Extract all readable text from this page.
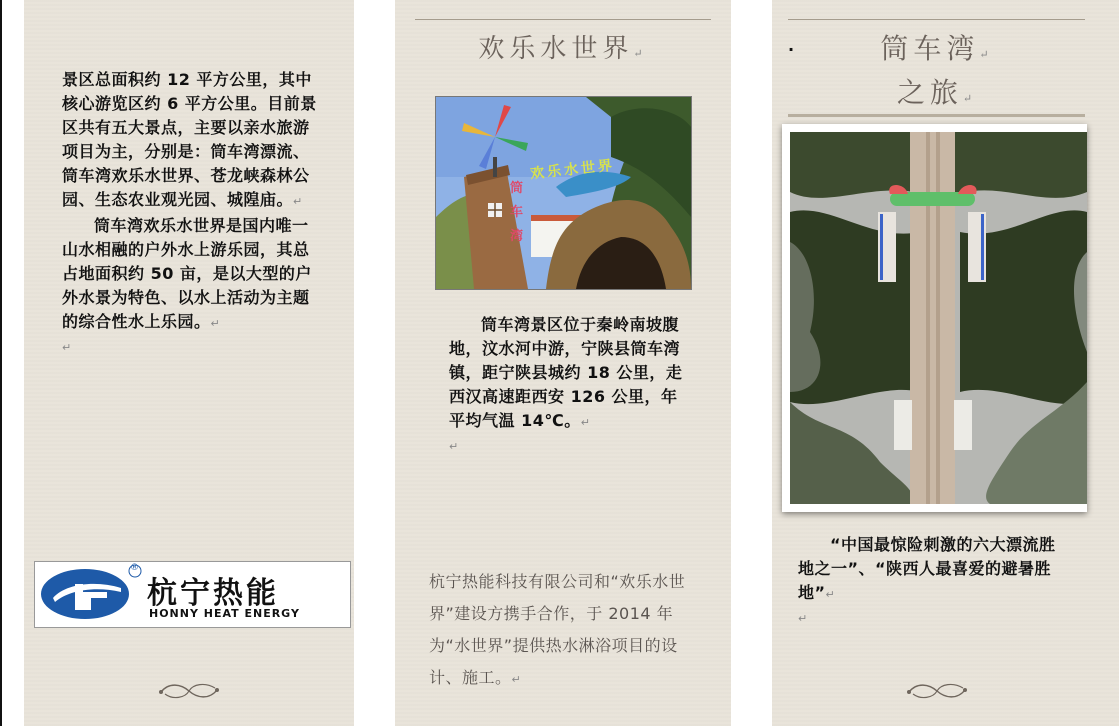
景区总面积约 12 平方公里，其中核心游览区约 6 平方公里。目前景区共有五大景点，主要以亲水旅游项目为主，分别是：筒车湾漂流、筒车湾欢乐水世界、苍龙峡森林公园、生态农业观光园、城隍庙。↵
筒车湾欢乐水世界是国内唯一山水相融的户外水上游乐园，其总占地面积约 50 亩，是以大型的户外水景为特色、以水上活动为主题的综合性水上乐园。↵
↵
®
杭宁热能
HONNY HEAT ENERGY
欢乐水世界↵
欢乐水世界
筒车湾
筒车湾景区位于秦岭南坡腹地，汶水河中游，宁陕县筒车湾镇，距宁陕县城约 18 公里，走西汉高速距西安 126 公里，年平均气温 14℃。↵
↵
杭宁热能科技有限公司和“欢乐水世界”建设方携手合作，于 2014 年为“水世界”提供热水淋浴项目的设计、施工。↵
.	筒车湾↵
之旅↵
“中国最惊险刺激的六大漂流胜地之一”、“陕西人最喜爱的避暑胜地”↵
↵
